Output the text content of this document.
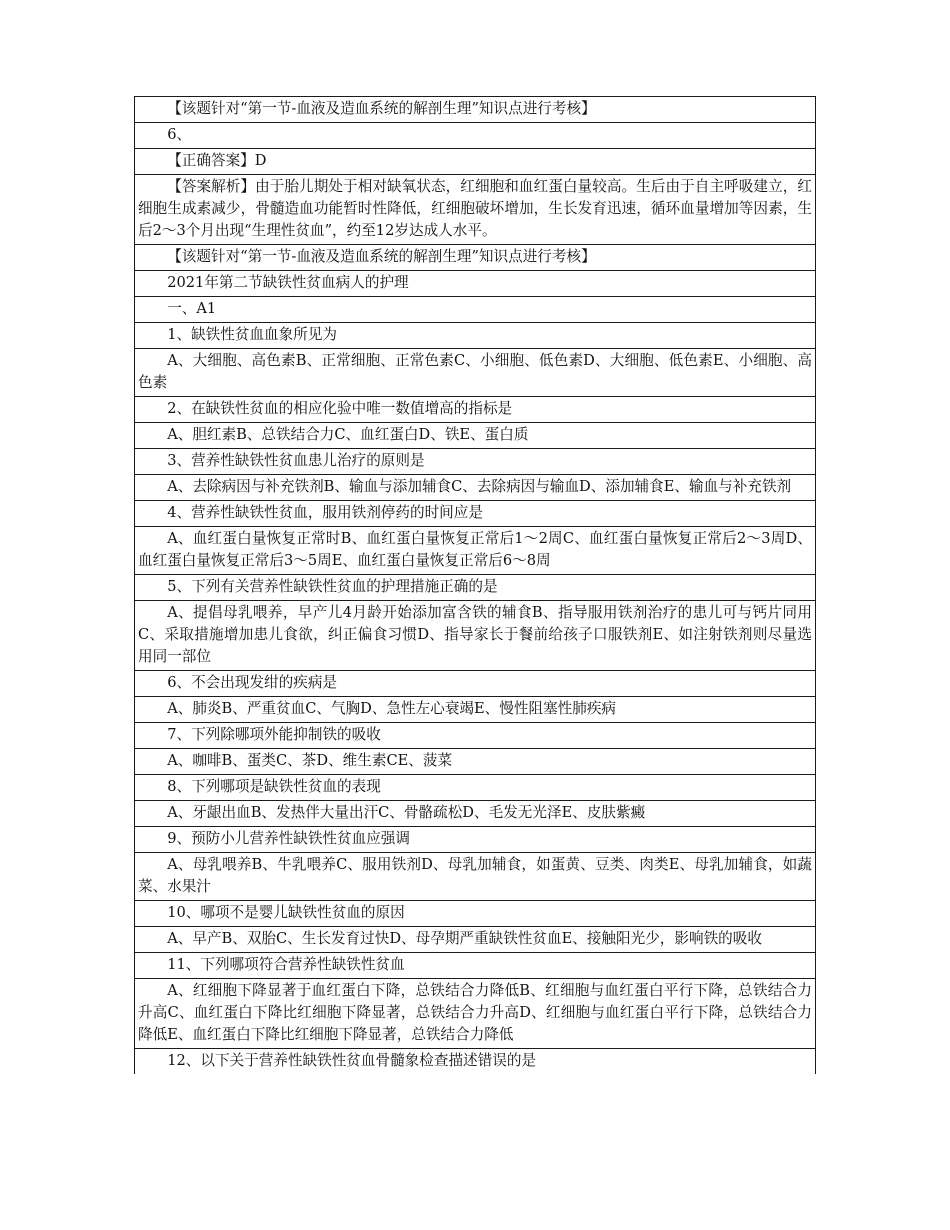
【该题针对“第一节-血液及造血系统的解剖生理”知识点进行考核】
6、
【正确答案】D
【答案解析】由于胎儿期处于相对缺氧状态，红细胞和血红蛋白量较高。生后由于自主呼吸建立，红细胞生成素减少，骨髓造血功能暂时性降低，红细胞破坏增加，生长发育迅速，循环血量增加等因素，生后2～3个月出现“生理性贫血”，约至12岁达成人水平。
【该题针对“第一节-血液及造血系统的解剖生理”知识点进行考核】
2021年第二节缺铁性贫血病人的护理
一、A1
1、缺铁性贫血血象所见为
A、大细胞、高色素B、正常细胞、正常色素C、小细胞、低色素D、大细胞、低色素E、小细胞、高色素
2、在缺铁性贫血的相应化验中唯一数值增高的指标是
A、胆红素B、总铁结合力C、血红蛋白D、铁E、蛋白质
3、营养性缺铁性贫血患儿治疗的原则是
A、去除病因与补充铁剂B、输血与添加辅食C、去除病因与输血D、添加辅食E、输血与补充铁剂
4、营养性缺铁性贫血，服用铁剂停药的时间应是
A、血红蛋白量恢复正常时B、血红蛋白量恢复正常后1～2周C、血红蛋白量恢复正常后2～3周D、血红蛋白量恢复正常后3～5周E、血红蛋白量恢复正常后6～8周
5、下列有关营养性缺铁性贫血的护理措施正确的是
A、提倡母乳喂养，早产儿4月龄开始添加富含铁的辅食B、指导服用铁剂治疗的患儿可与钙片同用C、采取措施增加患儿食欲，纠正偏食习惯D、指导家长于餐前给孩子口服铁剂E、如注射铁剂则尽量选用同一部位
6、不会出现发绀的疾病是
A、肺炎B、严重贫血C、气胸D、急性左心衰竭E、慢性阻塞性肺疾病
7、下列除哪项外能抑制铁的吸收
A、咖啡B、蛋类C、茶D、维生素CE、菠菜
8、下列哪项是缺铁性贫血的表现
A、牙龈出血B、发热伴大量出汗C、骨骼疏松D、毛发无光泽E、皮肤紫癜
9、预防小儿营养性缺铁性贫血应强调
A、母乳喂养B、牛乳喂养C、服用铁剂D、母乳加辅食，如蛋黄、豆类、肉类E、母乳加辅食，如蔬菜、水果汁
10、哪项不是婴儿缺铁性贫血的原因
A、早产B、双胎C、生长发育过快D、母孕期严重缺铁性贫血E、接触阳光少，影响铁的吸收
11、下列哪项符合营养性缺铁性贫血
A、红细胞下降显著于血红蛋白下降，总铁结合力降低B、红细胞与血红蛋白平行下降，总铁结合力升高C、血红蛋白下降比红细胞下降显著，总铁结合力升高D、红细胞与血红蛋白平行下降，总铁结合力降低E、血红蛋白下降比红细胞下降显著，总铁结合力降低
12、以下关于营养性缺铁性贫血骨髓象检查描述错误的是
